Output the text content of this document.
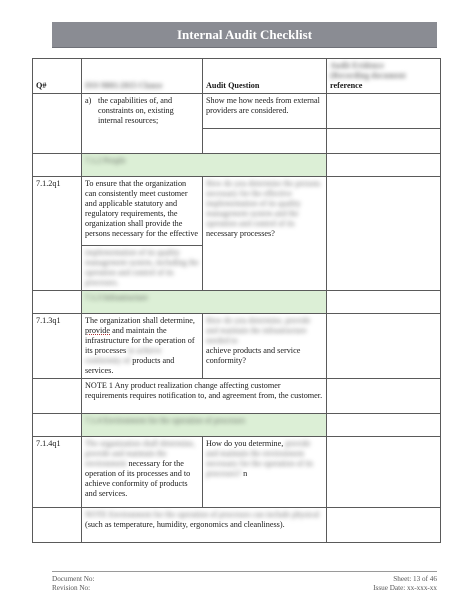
Internal Audit Checklist
Q#	ISO 9001:2015 Clause	Audit Question	Audit Evidence
(Recording document
reference

	a) the capabilities of, and constraints on, existing internal resources;	Show me how needs from external providers are considered.	

	7.1.2 People		
7.1.2q1	To ensure that the organization can consistently meet customer and applicable statutory and regulatory requirements, the organization shall provide the persons necessary for the effective	How do you determine the persons necessary for the effective implementation of its quality management system and the operation and control of its necessary processes?	
	implementation of its quality management system, including the operation and control of its processes.		
	7.1.3 Infrastructure		
7.1.3q1	The organization shall determine, provide and maintain the infrastructure for the operation of its processes to achieve conformity of products and services.	How do you determine, provide and maintain the infrastructure needed to
achieve products and service conformity?	
	NOTE 1 Any product realization change affecting customer requirements requires notification to, and agreement from, the customer.		
	7.1.4 Environment for the operation of processes		
7.1.4q1	The organization shall determine, provide and maintain the environment necessary for the operation of its processes and to achieve conformity of products and services.	How do you determine, provide and maintain the environment necessary for the operation of its processes? n	
	NOTE Environment for the operation of processes can include physical
(such as temperature, humidity, ergonomics and cleanliness).		
Document No:
Revision No:
Sheet: 13 of 46
Issue Date: xx-xxx-xx
